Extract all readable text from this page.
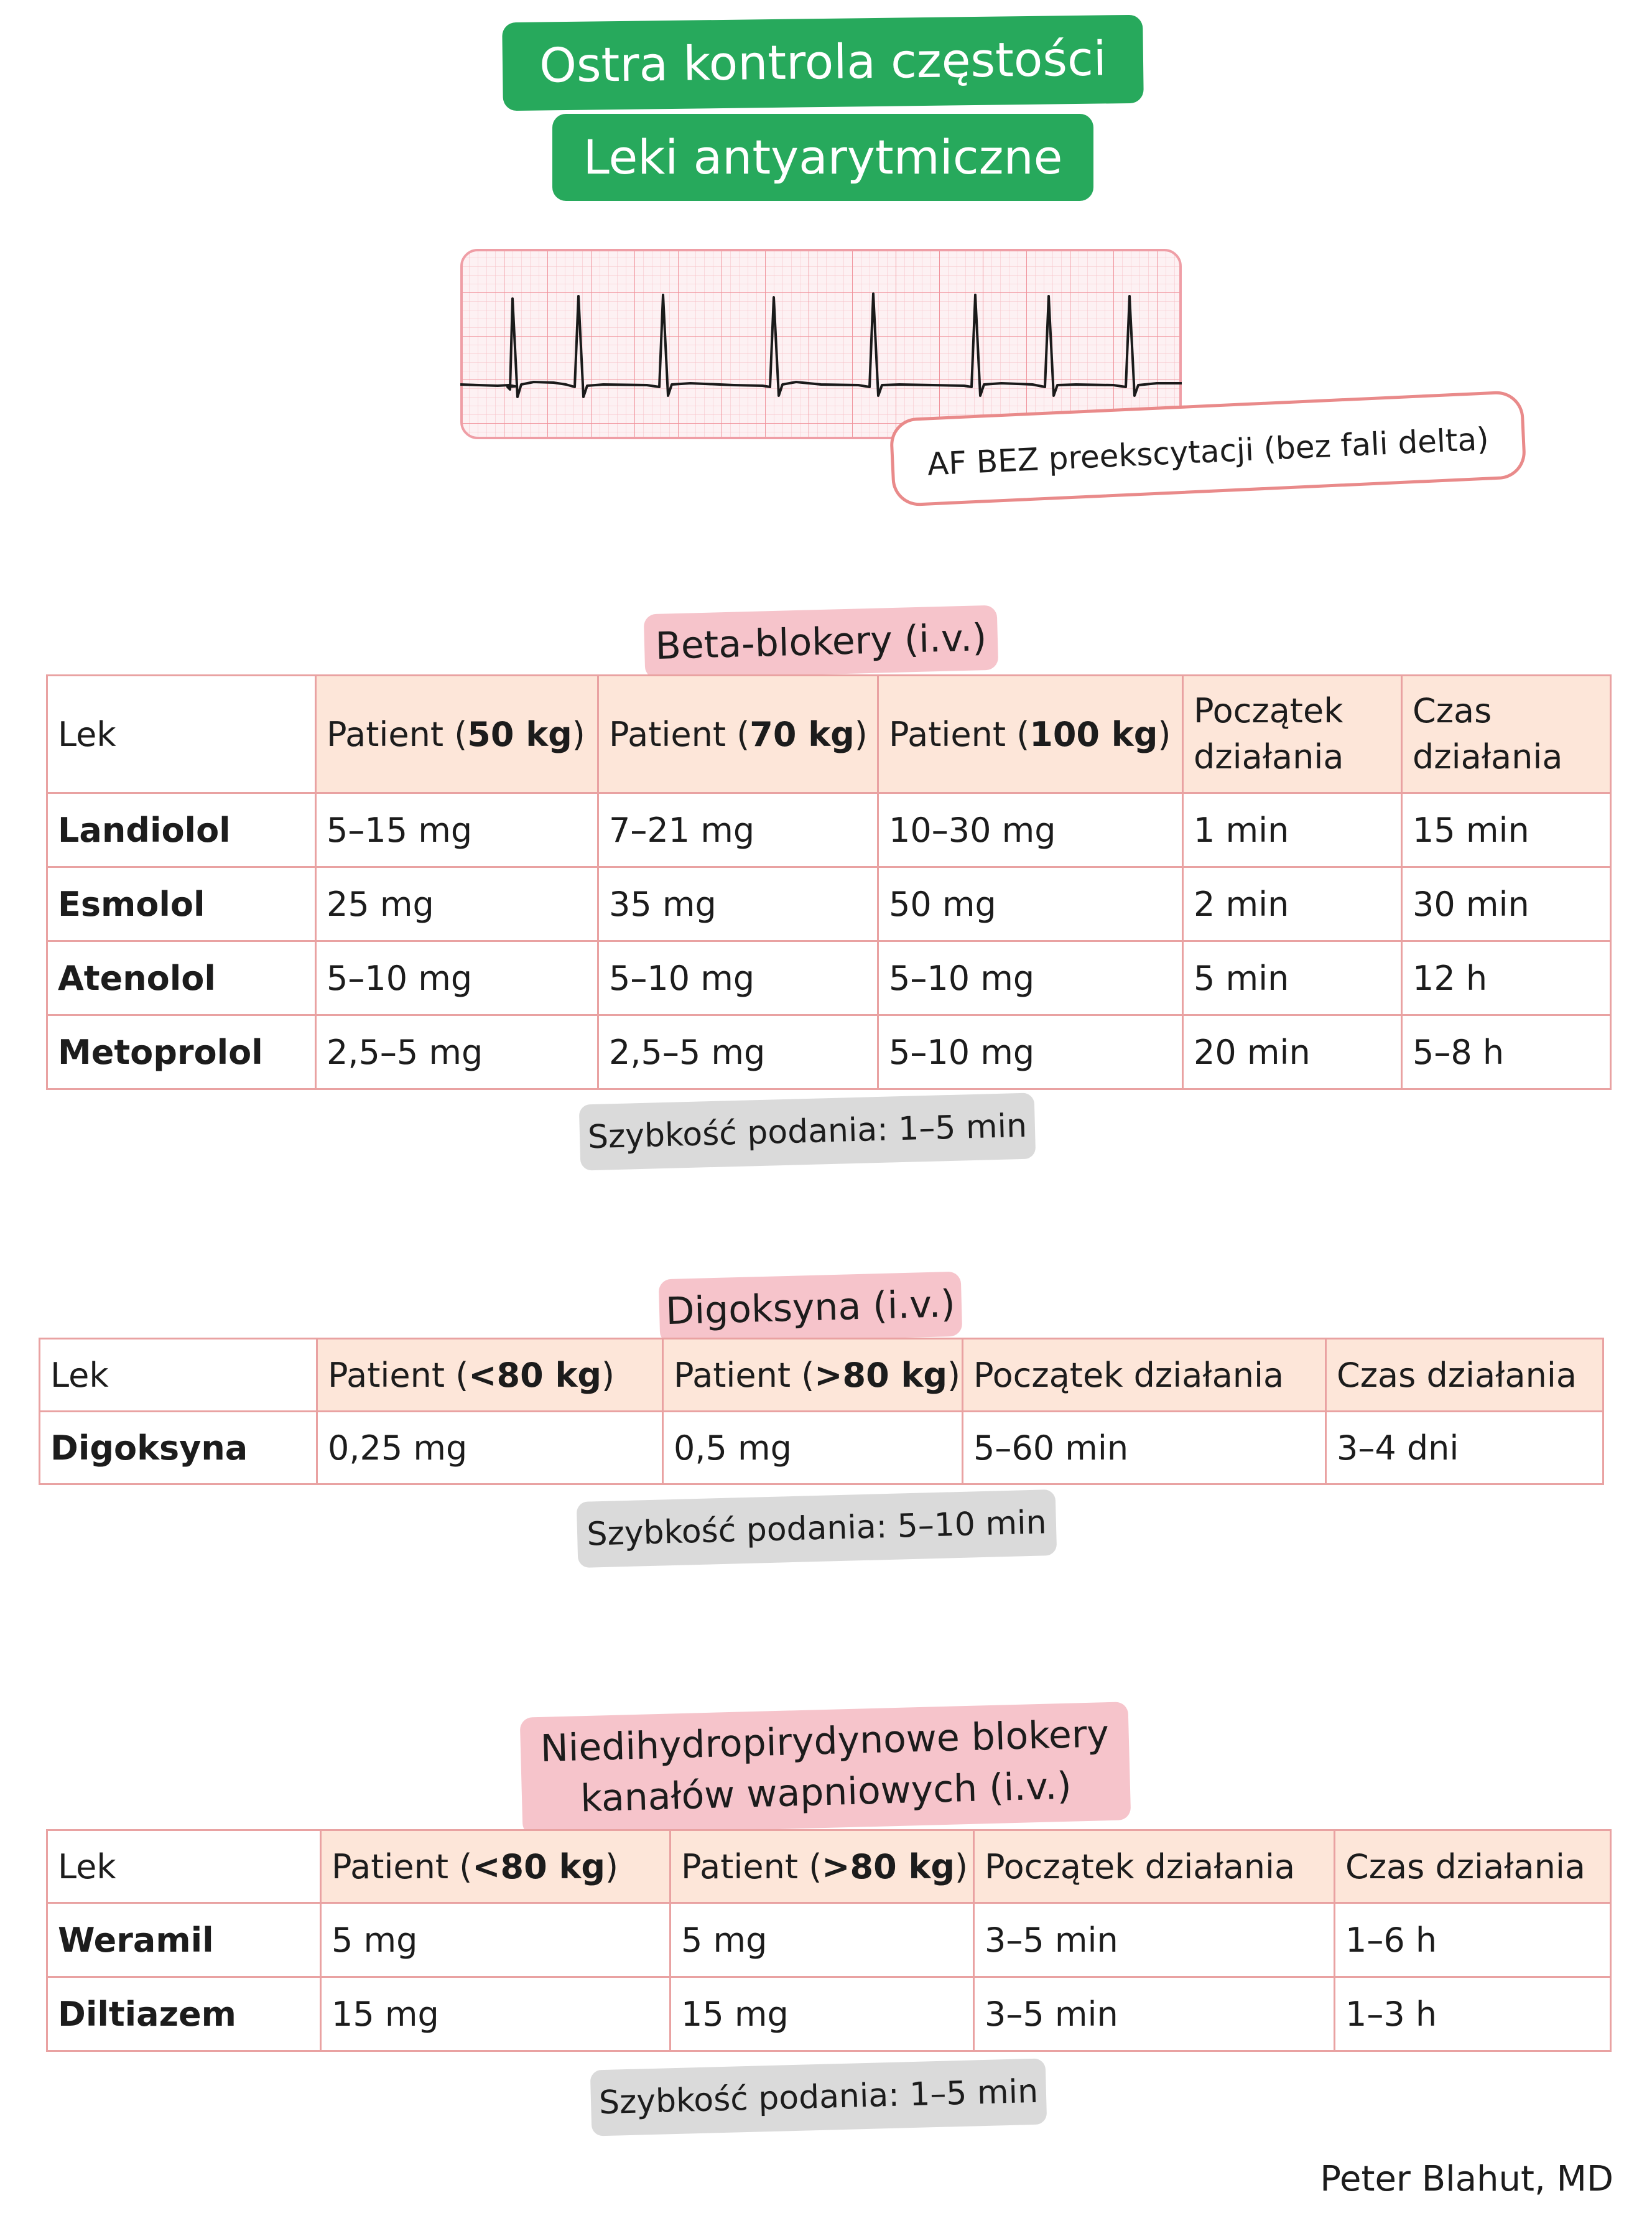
Ostra kontrola częstości
Leki antyarytmiczne
AF BEZ preekscytacji (bez fali delta)
Beta-blokery (i.v.)
Lek	Patient (50 kg)	Patient (70 kg)	Patient (100 kg)	Początek działania	Czas działania
Landiolol	5–15 mg	7–21 mg	10–30 mg	1 min	15 min
Esmolol	25 mg	35 mg	50 mg	2 min	30 min
Atenolol	5–10 mg	5–10 mg	5–10 mg	5 min	12 h
Metoprolol	2,5–5 mg	2,5–5 mg	5–10 mg	20 min	5–8 h
Szybkość podania: 1–5 min
Digoksyna (i.v.)
Lek	Patient (<80 kg)	Patient (>80 kg)	Początek działania	Czas działania
Digoksyna	0,25 mg	0,5 mg	5–60 min	3–4 dni
Szybkość podania: 5–10 min
Niedihydropirydynowe blokery
kanałów wapniowych (i.v.)
Lek	Patient (<80 kg)	Patient (>80 kg)	Początek działania	Czas działania
Weramil	5 mg	5 mg	3–5 min	1–6 h
Diltiazem	15 mg	15 mg	3–5 min	1–3 h
Szybkość podania: 1–5 min
Peter Blahut, MD
